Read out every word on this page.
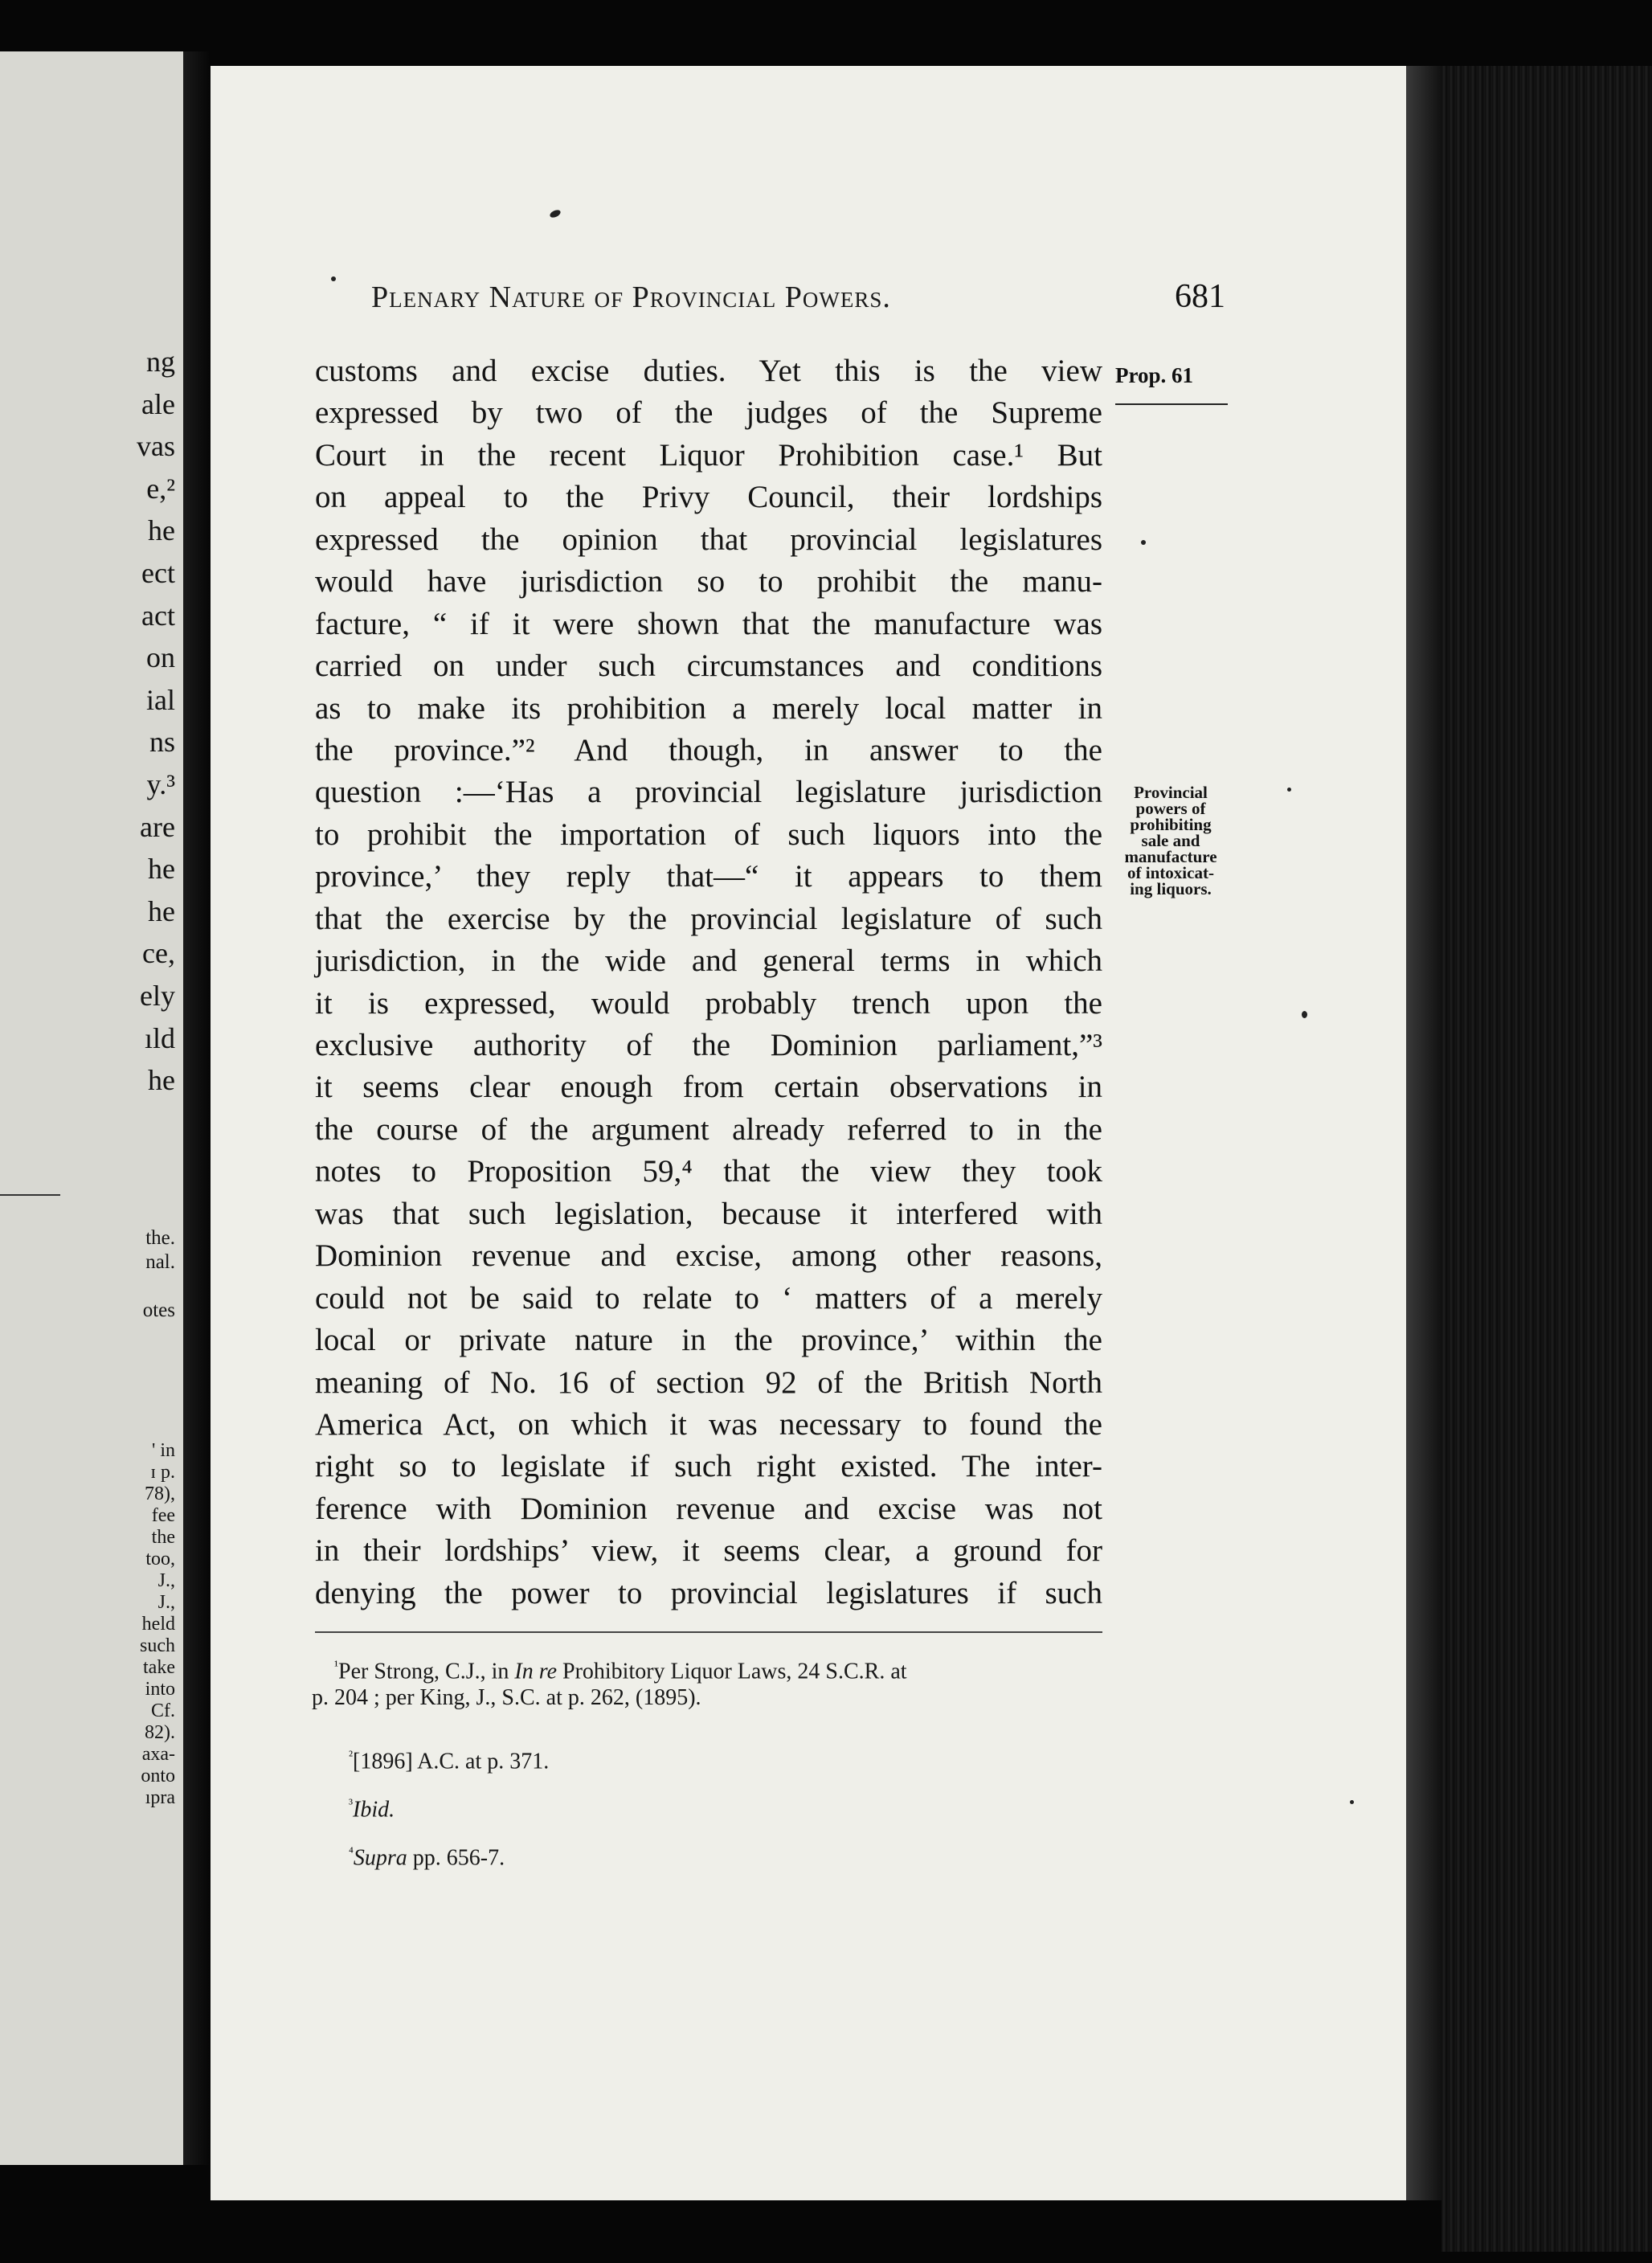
ng
ale
vas
e,²
he
ect
act
on
ial
ns
y.³
are
he
he
ce,
ely
ıld
he
the.
nal.

otes
' in
ɪ p.
78),
fee
the
too,
J.,
J.,
held
such
take
into
Cf.
82).
axa-
onto
ıpra
Plenary Nature of Provincial Powers.	681
Prop. 61
Provincial
powers of
prohibiting
sale and
manufacture
of intoxicat-
ing liquors.
customs and excise duties. Yet this is the view
expressed by two of the judges of the Supreme
Court in the recent Liquor Prohibition case.¹ But
on appeal to the Privy Council, their lordships
expressed the opinion that provincial legislatures
would have jurisdiction so to prohibit the manu-
facture, “ if it were shown that the manufacture was
carried on under such circumstances and conditions
as to make its prohibition a merely local matter in
the province.”² And though, in answer to the
question :—‘Has a provincial legislature jurisdiction
to prohibit the importation of such liquors into the
province,’ they reply that—“ it appears to them
that the exercise by the provincial legislature of such
jurisdiction, in the wide and general terms in which
it is expressed, would probably trench upon the
exclusive authority of the Dominion parliament,”³
it seems clear enough from certain observations in
the course of the argument already referred to in the
notes to Proposition 59,⁴ that the view they took
was that such legislation, because it interfered with
Dominion revenue and excise, among other reasons,
could not be said to relate to ‘ matters of a merely
local or private nature in the province,’ within the
meaning of No. 16 of section 92 of the British North
America Act, on which it was necessary to found the
right so to legislate if such right existed. The inter-
ference with Dominion revenue and excise was not
in their lordships’ view, it seems clear, a ground for
denying the power to provincial legislatures if such
$^{^1}$Per Strong, C.J., in In re Prohibitory Liquor Laws, 24 S.C.R. at
p. 204 ; per King, J., S.C. at p. 262, (1895).
$^{^2}$[1896] A.C. at p. 371.
$^{^3}$Ibid.
$^{^4}$Supra pp. 656-7.
